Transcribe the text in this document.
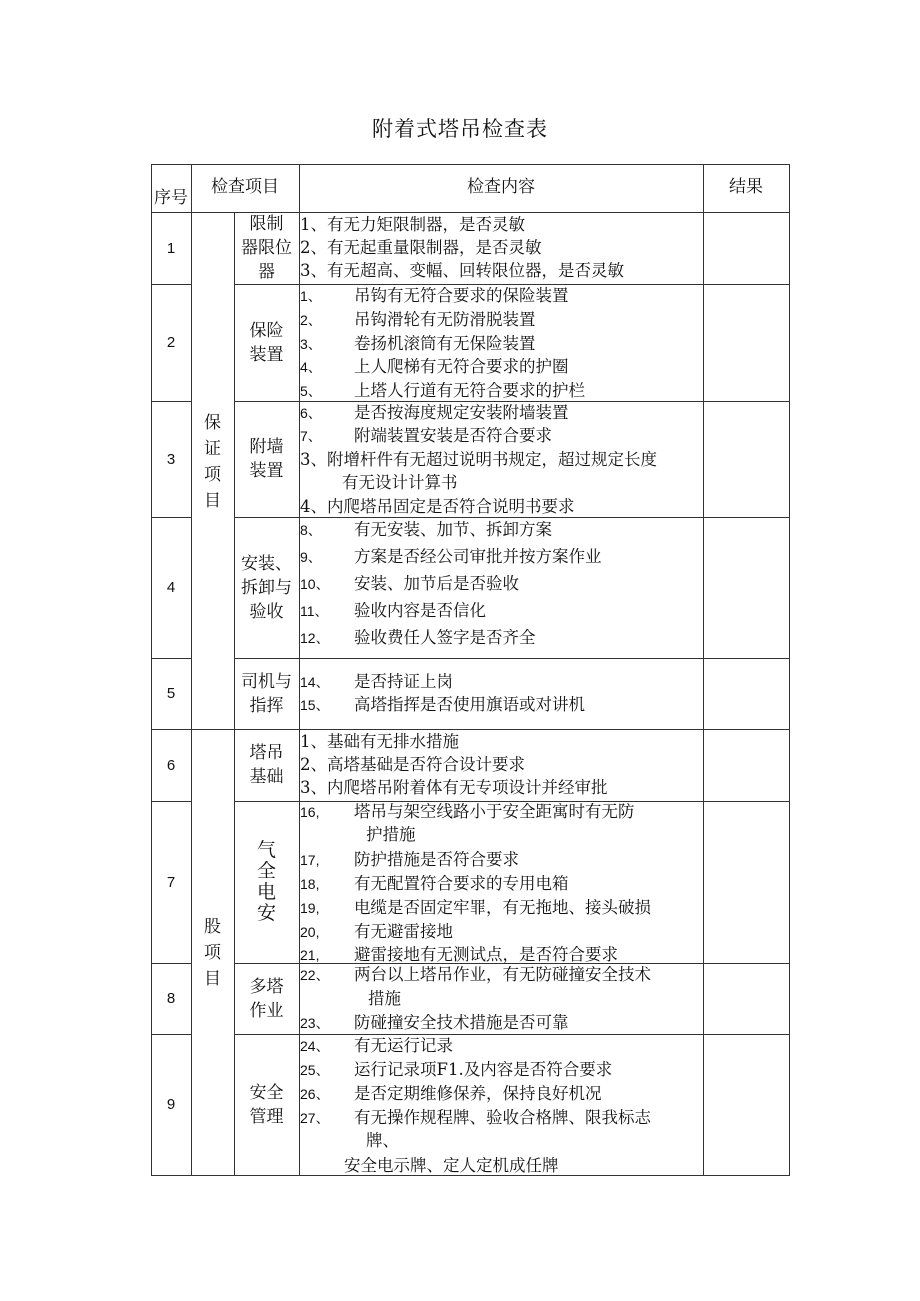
附着式塔吊检查表
序号
检查项目	检查内容	结果
保
证
项
目
股
项
目
1
限制
器限位
器
1、有无力矩限制器，是否灵敏
2、有无起重量限制器，是否灵敏
3、有无超高、变幅、回转限位器，是否灵敏
2
保险
装置
1、 吊钩有无符合要求的保险装置
2、 吊钩滑轮有无防滑脱装置
3、 卷扬机滚筒有无保险装置
4、 上人爬梯有无符合要求的护圈
5、 上塔人行道有无符合要求的护栏
3
附墙
装置
6、 是否按海度规定安装附墙装置
7、 附端装置安装是否符合要求
3、附增杆件有无超过说明书规定，超过规定长度
有无设计计算书
4、内爬塔吊固定是否符合说明书要求
4
安装、
拆卸与
验收
8、 有无安装、加节、拆卸方案
9、 方案是否经公司审批并按方案作业
10、 安装、加节后是否验收
11、 验收内容是否信化
12、 验收费任人签字是否齐全
5
司机与
指挥
14、 是否持证上岗
15、 高塔指挥是否使用旗语或对讲机
6
塔吊
基础
1、基础有无排水措施
2、高塔基础是否符合设计要求
3、内爬塔吊附着体有无专项设计并经审批
7
气
全
电
安
16, 塔吊与架空线路小于安全距寓时有无防
护措施
17, 防护措施是否符合要求
18, 有无配置符合要求的专用电箱
19, 电缆是否固定牢罪，有无拖地、接头破损
20, 有无避雷接地
21, 避雷接地有无测试点，是否符合要求
8
多塔
作业
22、 两台以上塔吊作业，有无防碰撞安全技术
措施
23、 防碰撞安全技术措施是否可靠
9
安全
管理
24、 有无运行记录
25、 运行记录项F1.及内容是否符合要求
26、 是否定期维修保养，保持良好机况
27、 有无操作规程牌、验收合格牌、限我标志
牌、
安全电示牌、定人定机成任牌
